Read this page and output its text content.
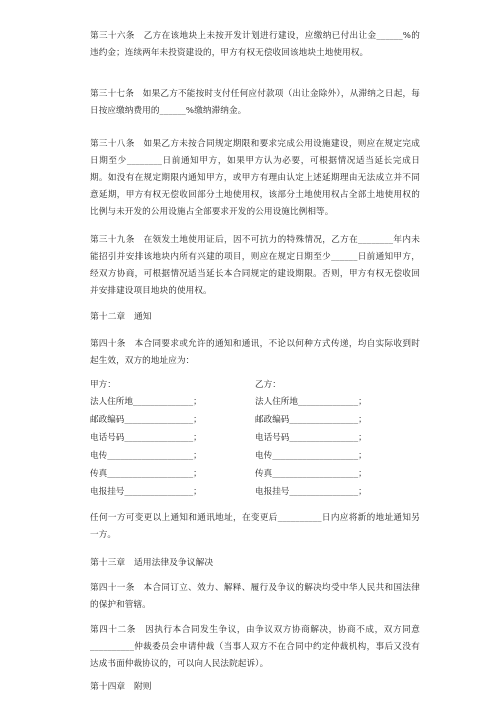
第三十六条　乙方在该地块上未按开发计划进行建设，应缴纳已付出让金______%的违约金；连续两年未投资建设的，甲方有权无偿收回该地块土地使用权。

第三十七条　如果乙方不能按时支付任何应付款项（出让金除外），从滞纳之日起，每日按应缴纳费用的______%缴纳滞纳金。

第三十八条　如果乙方未按合同规定期限和要求完成公用设施建设，则应在规定完成日期至少________日前通知甲方，如果甲方认为必要，可根据情况适当延长完成日期。如没有在规定期限内通知甲方，或甲方有理由认定上述延期理由无法成立并不同意延期，甲方有权无偿收回部分土地使用权，该部分土地使用权占全部土地使用权的比例与未开发的公用设施占全部要求开发的公用设施比例相等。

第三十九条　在领发土地使用证后，因不可抗力的特殊情况，乙方在________年内未能招引并安排该地块内所有兴建的项目，则应在规定日期至少______日前通知甲方，经双方协商，可根据情况适当延长本合同规定的建设期限。否则，甲方有权无偿收回并安排建设项目地块的使用权。

第十二章　通知

第四十条　本合同要求或允许的通知和通讯，不论以何种方式传递，均自实际收到时起生效，双方的地址应为：

甲方：	乙方：
法人住所地______________；
邮政编码________________；
电话号码________________；
电传____________________；
传真____________________；
电报挂号________________；
法人住所地______________；
邮政编码________________；
电话号码________________；
电传____________________；
传真____________________；
电报挂号________________；

任何一方可变更以上通知和通讯地址，在变更后__________日内应将新的地址通知另一方。

第十三章　适用法律及争议解决

第四十一条　本合同订立、效力、解释、履行及争议的解决均受中华人民共和国法律的保护和管辖。

第四十二条　因执行本合同发生争议，由争议双方协商解决，协商不成，双方同意__________仲裁委员会申请仲裁（当事人双方不在合同中约定仲裁机构，事后又没有达成书面仲裁协议的，可以向人民法院起诉）。

第十四章　附则
